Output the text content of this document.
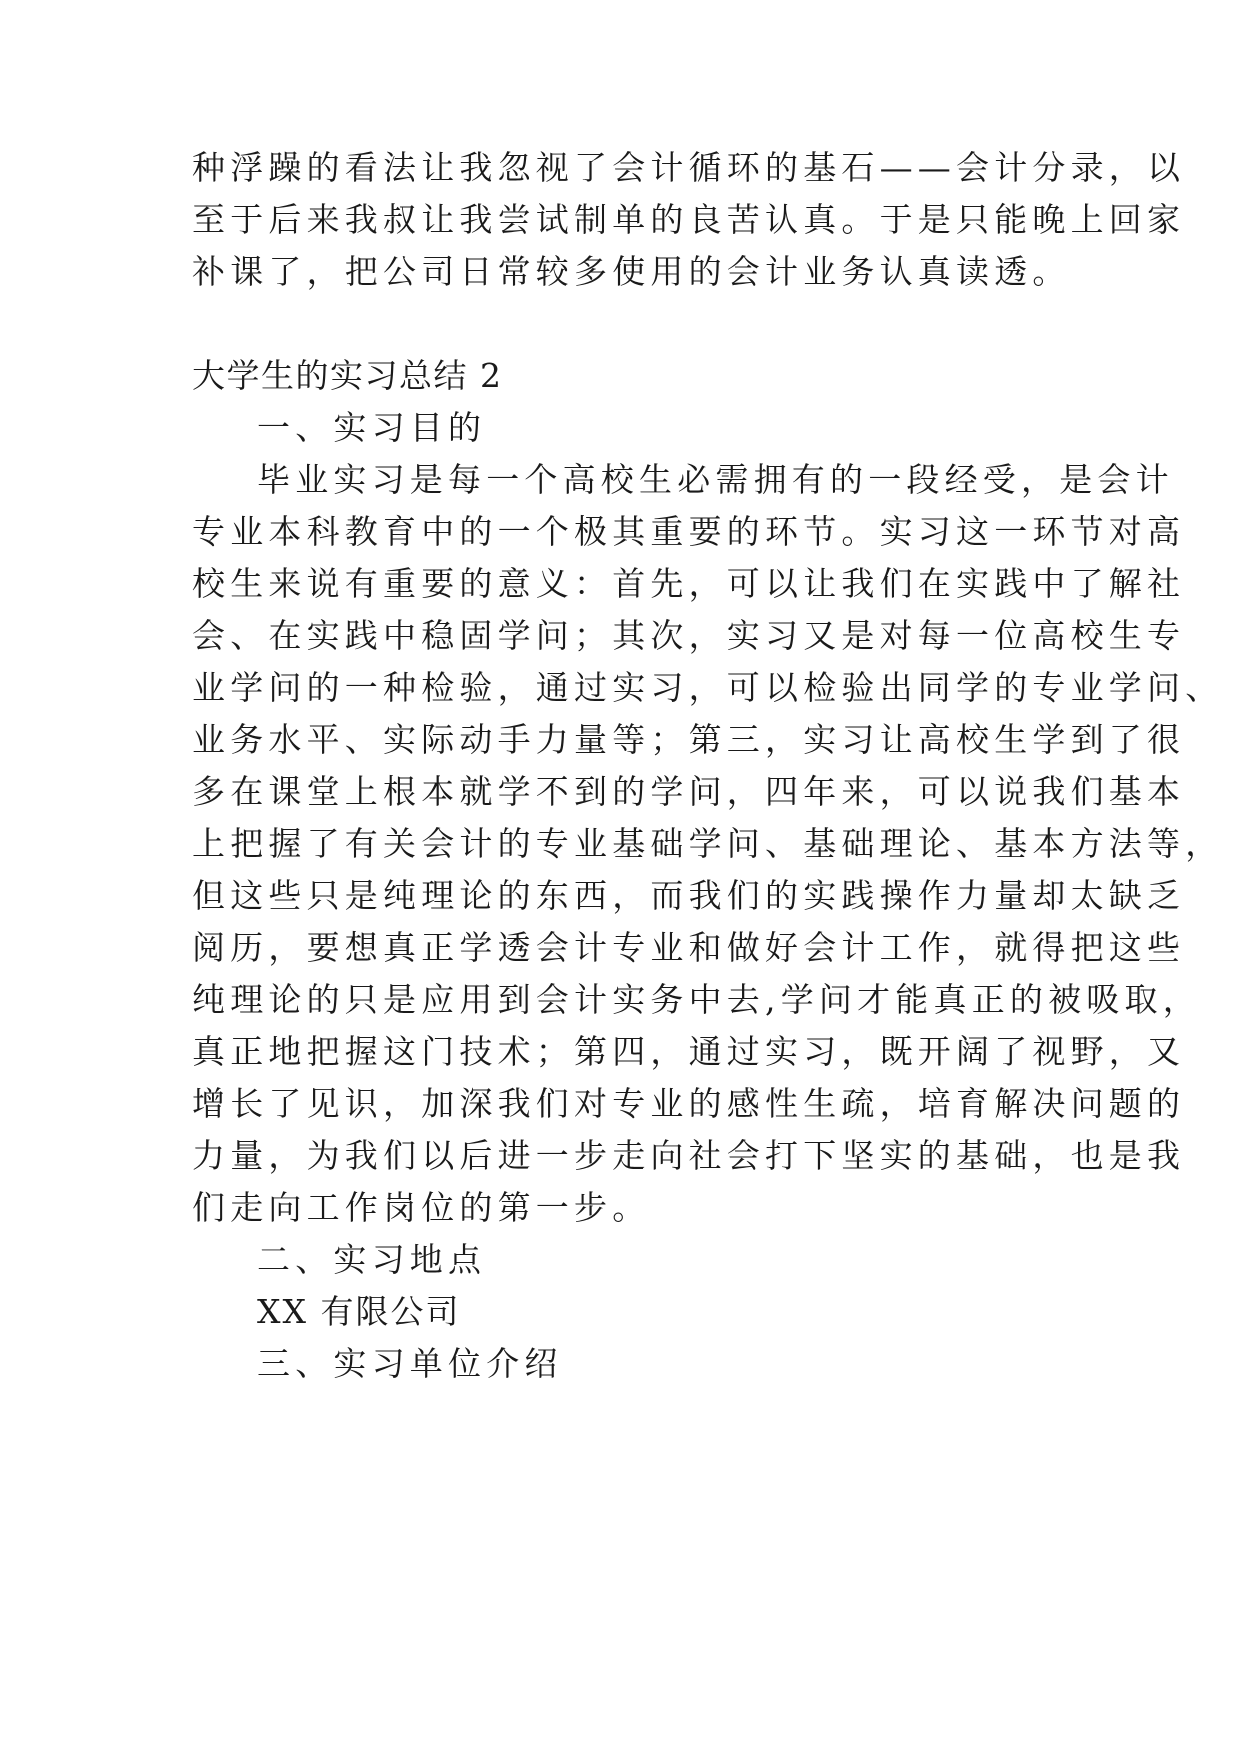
种浮躁的看法让我忽视了会计循环的基石——会计分录，以
至于后来我叔让我尝试制单的良苦认真。于是只能晚上回家
补课了，把公司日常较多使用的会计业务认真读透。
大学生的实习总结 2
一、实习目的
毕业实习是每一个高校生必需拥有的一段经受，是会计
专业本科教育中的一个极其重要的环节。实习这一环节对高
校生来说有重要的意义：首先，可以让我们在实践中了解社
会、在实践中稳固学问；其次，实习又是对每一位高校生专
业学问的一种检验，通过实习，可以检验出同学的专业学问、
业务水平、实际动手力量等；第三，实习让高校生学到了很
多在课堂上根本就学不到的学问，四年来，可以说我们基本
上把握了有关会计的专业基础学问、基础理论、基本方法等，
但这些只是纯理论的东西，而我们的实践操作力量却太缺乏
阅历，要想真正学透会计专业和做好会计工作，就得把这些
纯理论的只是应用到会计实务中去,学问才能真正的被吸取，
真正地把握这门技术；第四，通过实习，既开阔了视野，又
增长了见识，加深我们对专业的感性生疏，培育解决问题的
力量，为我们以后进一步走向社会打下坚实的基础，也是我
们走向工作岗位的第一步。
二、实习地点
XX 有限公司
三、实习单位介绍
